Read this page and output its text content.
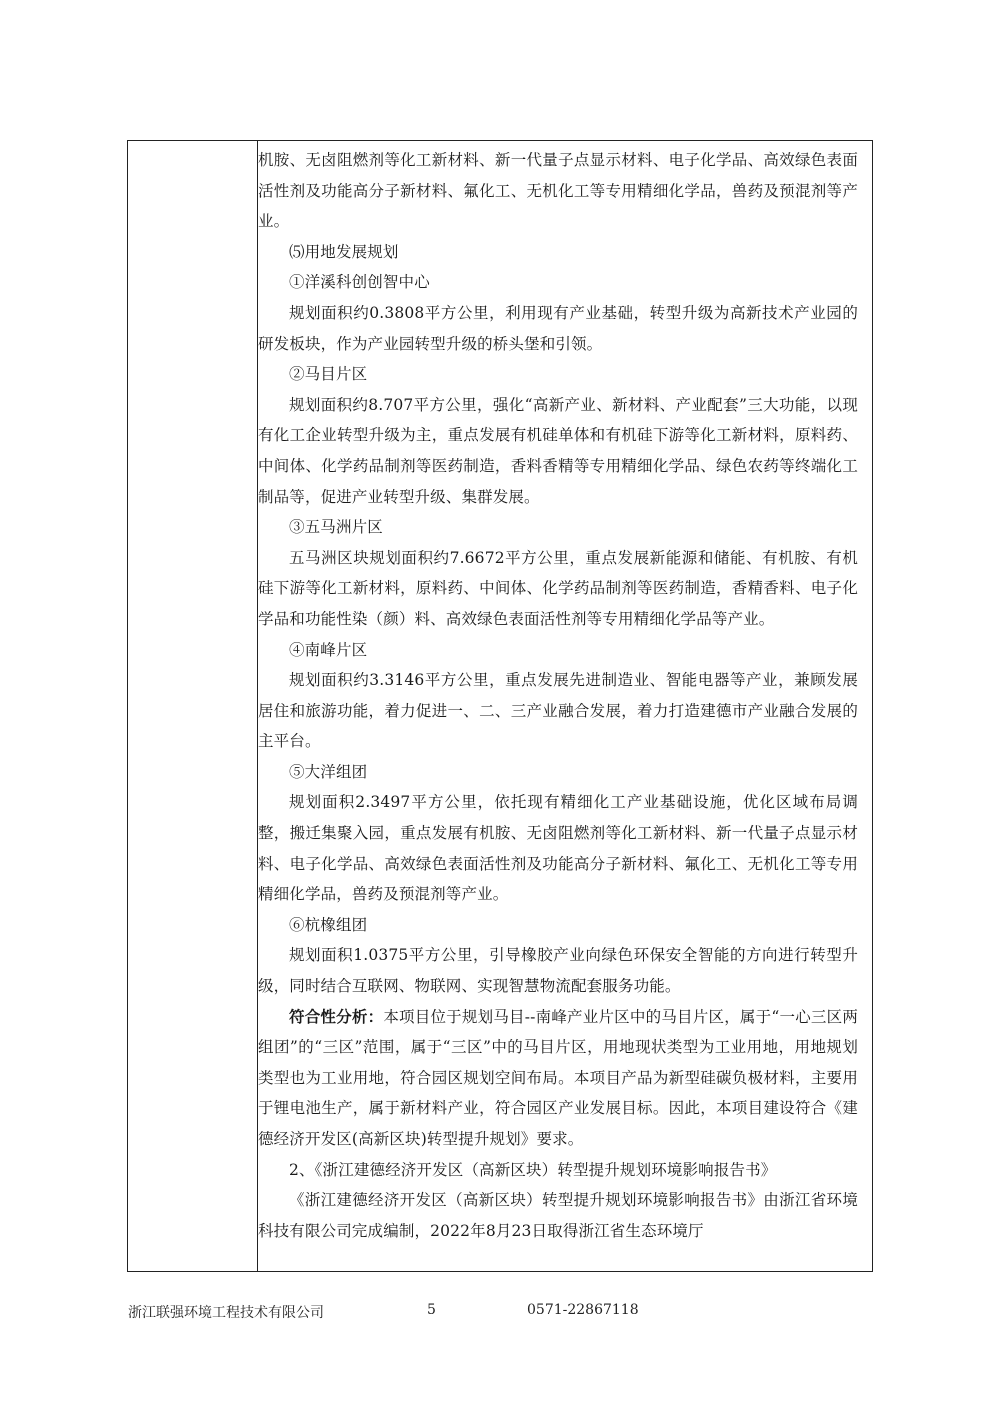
机胺、无卤阻燃剂等化工新材料、新一代量子点显示材料、电子化学品、高效绿色表面活性剂及功能高分子新材料、氟化工、无机化工等专用精细化学品，兽药及预混剂等产业。

⑸用地发展规划

①洋溪科创创智中心

规划面积约0.3808平方公里，利用现有产业基础，转型升级为高新技术产业园的研发板块，作为产业园转型升级的桥头堡和引领。

②马目片区

规划面积约8.707平方公里，强化“高新产业、新材料、产业配套”三大功能，以现有化工企业转型升级为主，重点发展有机硅单体和有机硅下游等化工新材料，原料药、中间体、化学药品制剂等医药制造，香料香精等专用精细化学品、绿色农药等终端化工制品等，促进产业转型升级、集群发展。

③五马洲片区

五马洲区块规划面积约7.6672平方公里，重点发展新能源和储能、有机胺、有机硅下游等化工新材料，原料药、中间体、化学药品制剂等医药制造，香精香料、电子化学品和功能性染（颜）料、高效绿色表面活性剂等专用精细化学品等产业。

④南峰片区

规划面积约3.3146平方公里，重点发展先进制造业、智能电器等产业，兼顾发展居住和旅游功能，着力促进一、二、三产业融合发展，着力打造建德市产业融合发展的主平台。

⑤大洋组团

规划面积2.3497平方公里，依托现有精细化工产业基础设施，优化区域布局调整，搬迁集聚入园，重点发展有机胺、无卤阻燃剂等化工新材料、新一代量子点显示材料、电子化学品、高效绿色表面活性剂及功能高分子新材料、氟化工、无机化工等专用精细化学品，兽药及预混剂等产业。

⑥杭橡组团

规划面积1.0375平方公里，引导橡胶产业向绿色环保安全智能的方向进行转型升级，同时结合互联网、物联网、实现智慧物流配套服务功能。

符合性分析：本项目位于规划马目--南峰产业片区中的马目片区，属于“一心三区两组团”的“三区”范围，属于“三区”中的马目片区，用地现状类型为工业用地，用地规划类型也为工业用地，符合园区规划空间布局。本项目产品为新型硅碳负极材料，主要用于锂电池生产，属于新材料产业，符合园区产业发展目标。因此，本项目建设符合《建德经济开发区(高新区块)转型提升规划》要求。

2、《浙江建德经济开发区（高新区块）转型提升规划环境影响报告书》

《浙江建德经济开发区（高新区块）转型提升规划环境影响报告书》由浙江省环境科技有限公司完成编制，2022年8月23日取得浙江省生态环境厅

浙江联强环境工程技术有限公司	5	0571-22867118
